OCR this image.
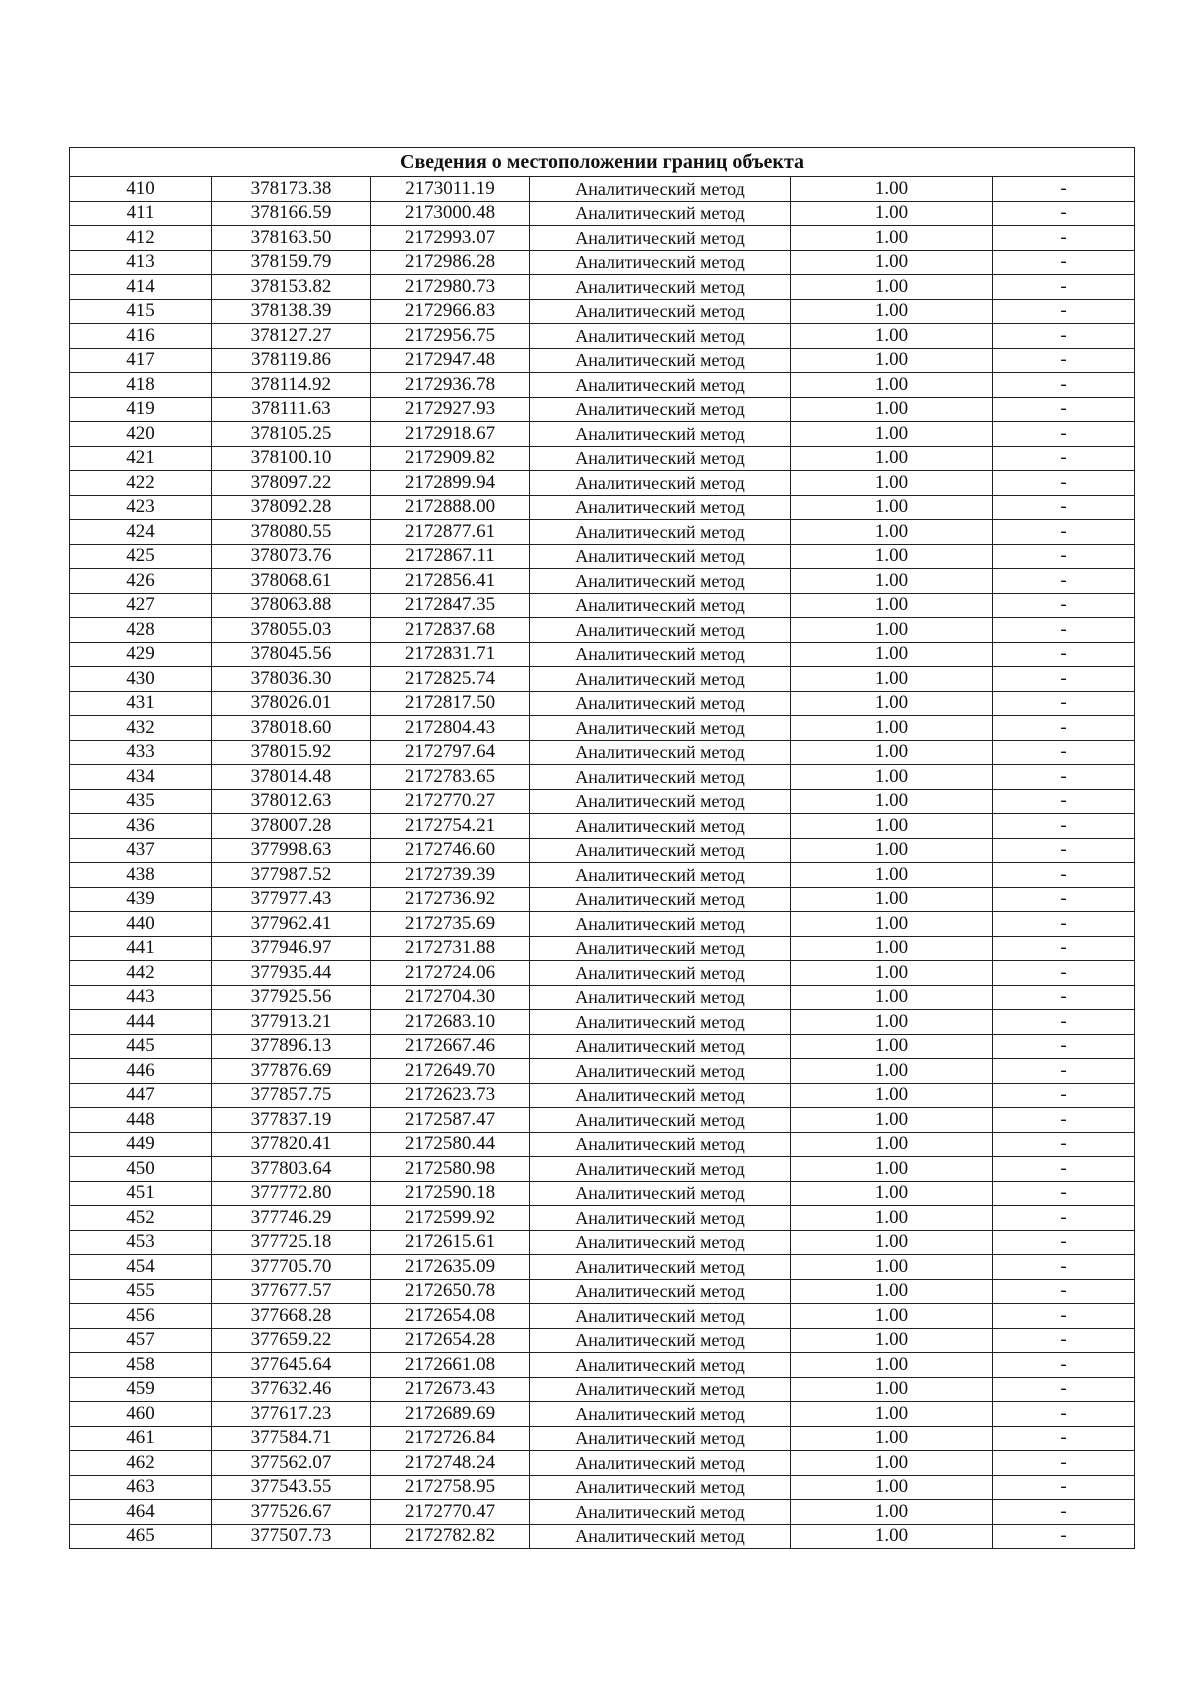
Сведения о местоположении границ объекта					
410	378173.38	2173011.19	Аналитический метод	1.00	-
411	378166.59	2173000.48	Аналитический метод	1.00	-
412	378163.50	2172993.07	Аналитический метод	1.00	-
413	378159.79	2172986.28	Аналитический метод	1.00	-
414	378153.82	2172980.73	Аналитический метод	1.00	-
415	378138.39	2172966.83	Аналитический метод	1.00	-
416	378127.27	2172956.75	Аналитический метод	1.00	-
417	378119.86	2172947.48	Аналитический метод	1.00	-
418	378114.92	2172936.78	Аналитический метод	1.00	-
419	378111.63	2172927.93	Аналитический метод	1.00	-
420	378105.25	2172918.67	Аналитический метод	1.00	-
421	378100.10	2172909.82	Аналитический метод	1.00	-
422	378097.22	2172899.94	Аналитический метод	1.00	-
423	378092.28	2172888.00	Аналитический метод	1.00	-
424	378080.55	2172877.61	Аналитический метод	1.00	-
425	378073.76	2172867.11	Аналитический метод	1.00	-
426	378068.61	2172856.41	Аналитический метод	1.00	-
427	378063.88	2172847.35	Аналитический метод	1.00	-
428	378055.03	2172837.68	Аналитический метод	1.00	-
429	378045.56	2172831.71	Аналитический метод	1.00	-
430	378036.30	2172825.74	Аналитический метод	1.00	-
431	378026.01	2172817.50	Аналитический метод	1.00	-
432	378018.60	2172804.43	Аналитический метод	1.00	-
433	378015.92	2172797.64	Аналитический метод	1.00	-
434	378014.48	2172783.65	Аналитический метод	1.00	-
435	378012.63	2172770.27	Аналитический метод	1.00	-
436	378007.28	2172754.21	Аналитический метод	1.00	-
437	377998.63	2172746.60	Аналитический метод	1.00	-
438	377987.52	2172739.39	Аналитический метод	1.00	-
439	377977.43	2172736.92	Аналитический метод	1.00	-
440	377962.41	2172735.69	Аналитический метод	1.00	-
441	377946.97	2172731.88	Аналитический метод	1.00	-
442	377935.44	2172724.06	Аналитический метод	1.00	-
443	377925.56	2172704.30	Аналитический метод	1.00	-
444	377913.21	2172683.10	Аналитический метод	1.00	-
445	377896.13	2172667.46	Аналитический метод	1.00	-
446	377876.69	2172649.70	Аналитический метод	1.00	-
447	377857.75	2172623.73	Аналитический метод	1.00	-
448	377837.19	2172587.47	Аналитический метод	1.00	-
449	377820.41	2172580.44	Аналитический метод	1.00	-
450	377803.64	2172580.98	Аналитический метод	1.00	-
451	377772.80	2172590.18	Аналитический метод	1.00	-
452	377746.29	2172599.92	Аналитический метод	1.00	-
453	377725.18	2172615.61	Аналитический метод	1.00	-
454	377705.70	2172635.09	Аналитический метод	1.00	-
455	377677.57	2172650.78	Аналитический метод	1.00	-
456	377668.28	2172654.08	Аналитический метод	1.00	-
457	377659.22	2172654.28	Аналитический метод	1.00	-
458	377645.64	2172661.08	Аналитический метод	1.00	-
459	377632.46	2172673.43	Аналитический метод	1.00	-
460	377617.23	2172689.69	Аналитический метод	1.00	-
461	377584.71	2172726.84	Аналитический метод	1.00	-
462	377562.07	2172748.24	Аналитический метод	1.00	-
463	377543.55	2172758.95	Аналитический метод	1.00	-
464	377526.67	2172770.47	Аналитический метод	1.00	-
465	377507.73	2172782.82	Аналитический метод	1.00	-
